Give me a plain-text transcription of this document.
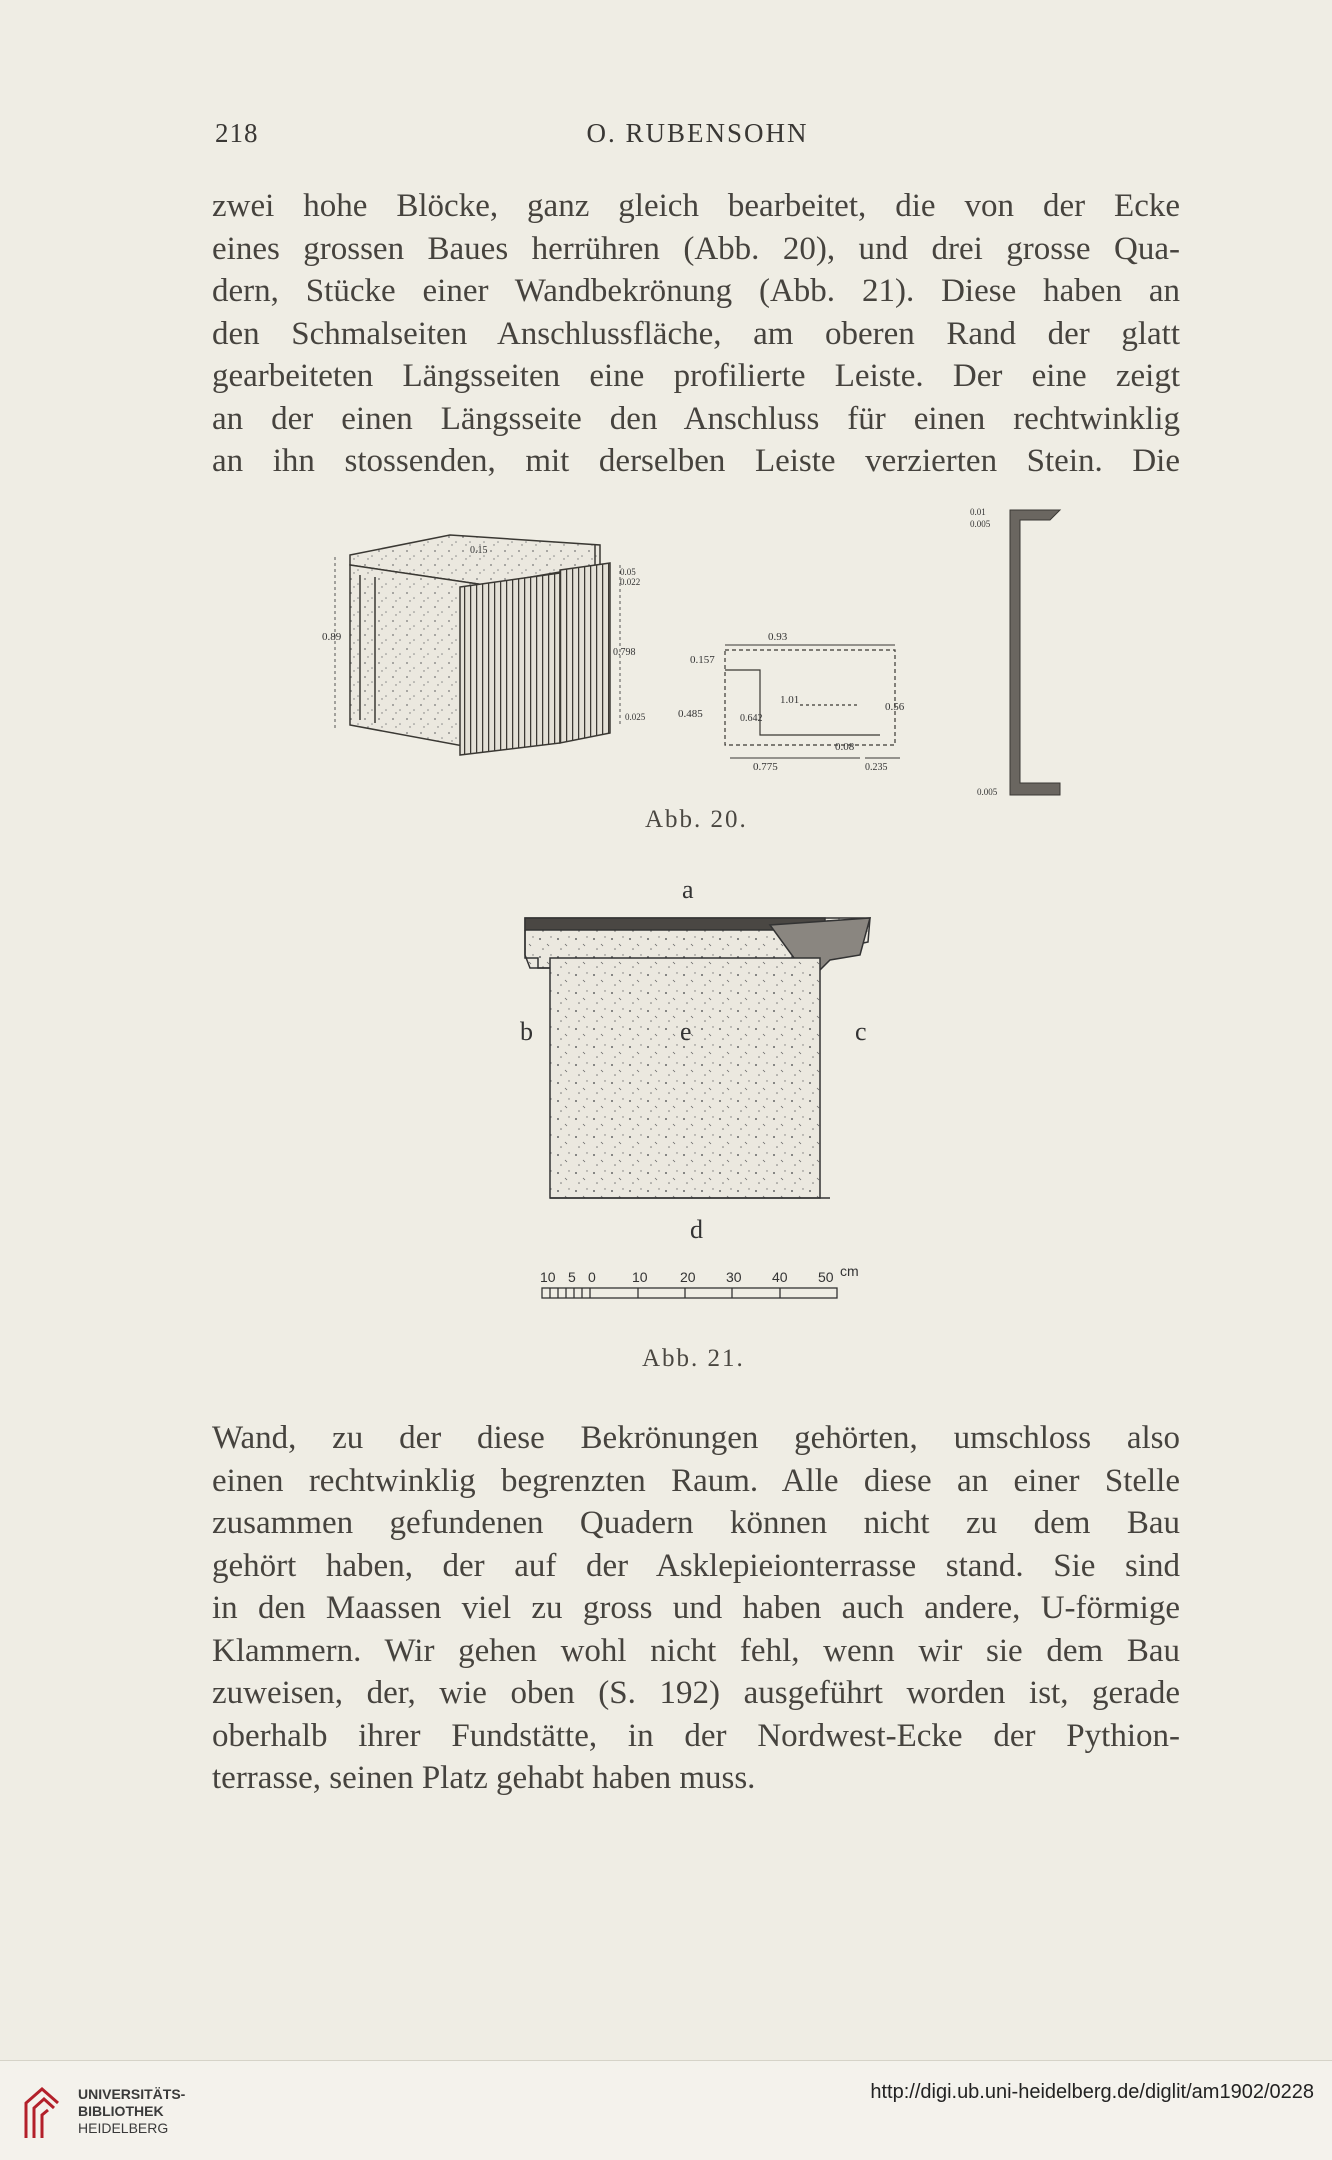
218	O. RUBENSOHN
zwei hohe Blöcke, ganz gleich bearbeitet, die von der Ecke
eines grossen Baues herrühren (Abb. 20), und drei grosse Qua-
dern, Stücke einer Wandbekrönung (Abb. 21). Diese haben an
den Schmalseiten Anschlussfläche, am oberen Rand der glatt
gearbeiteten Längsseiten eine profilierte Leiste. Der eine zeigt
an der einen Längsseite den Anschluss für einen rechtwinklig
an ihn stossenden, mit derselben Leiste verzierten Stein. Die
0.89
0.15
0.05
0.022
0.798
0.025
0.93
0.157
1.01
0.485	0.642
0.56
0.08
0.775	0.235
0.01
0.005
0.005
Abb. 20.
a
b	c
e
d
10 5 0	10 20 30 40 50 cm
Abb. 21.
Wand, zu der diese Bekrönungen gehörten, umschloss also
einen rechtwinklig begrenzten Raum. Alle diese an einer Stelle
zusammen gefundenen Quadern können nicht zu dem Bau
gehört haben, der auf der Asklepieionterrasse stand. Sie sind
in den Maassen viel zu gross und haben auch andere, U-förmige
Klammern. Wir gehen wohl nicht fehl, wenn wir sie dem Bau
zuweisen, der, wie oben (S. 192) ausgeführt worden ist, gerade
oberhalb ihrer Fundstätte, in der Nordwest-Ecke der Pythion-
terrasse, seinen Platz gehabt haben muss.
UNIVERSITÄTS-
BIBLIOTHEK
HEIDELBERG
http://digi.ub.uni-heidelberg.de/diglit/am1902/0228
